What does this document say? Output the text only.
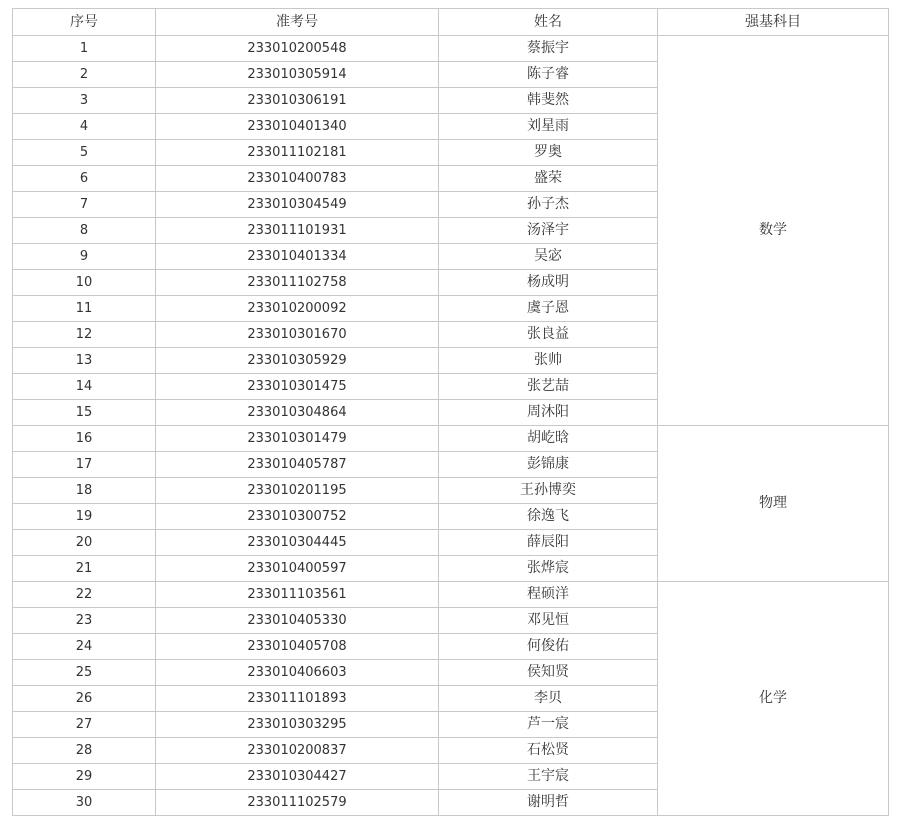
序号	准考号	姓名	强基科目
1	233010200548	蔡振宇	数学
2	233010305914	陈子睿	
3	233010306191	韩斐然	
4	233010401340	刘星雨	
5	233011102181	罗奥	
6	233010400783	盛荣	
7	233010304549	孙子杰	
8	233011101931	汤泽宇	
9	233010401334	吴宓	
10	233011102758	杨成明	
11	233010200092	虞子恩	
12	233010301670	张良益	
13	233010305929	张帅	
14	233010301475	张艺喆	
15	233010304864	周沐阳	
16	233010301479	胡屹晗	物理
17	233010405787	彭锦康	
18	233010201195	王孙博奕	
19	233010300752	徐逸飞	
20	233010304445	薛辰阳	
21	233010400597	张烨宸	
22	233011103561	程硕洋	化学
23	233010405330	邓见恒	
24	233010405708	何俊佑	
25	233010406603	侯知贤	
26	233011101893	李贝	
27	233010303295	芦一宸	
28	233010200837	石松贤	
29	233010304427	王宇宸	
30	233011102579	谢明哲	
